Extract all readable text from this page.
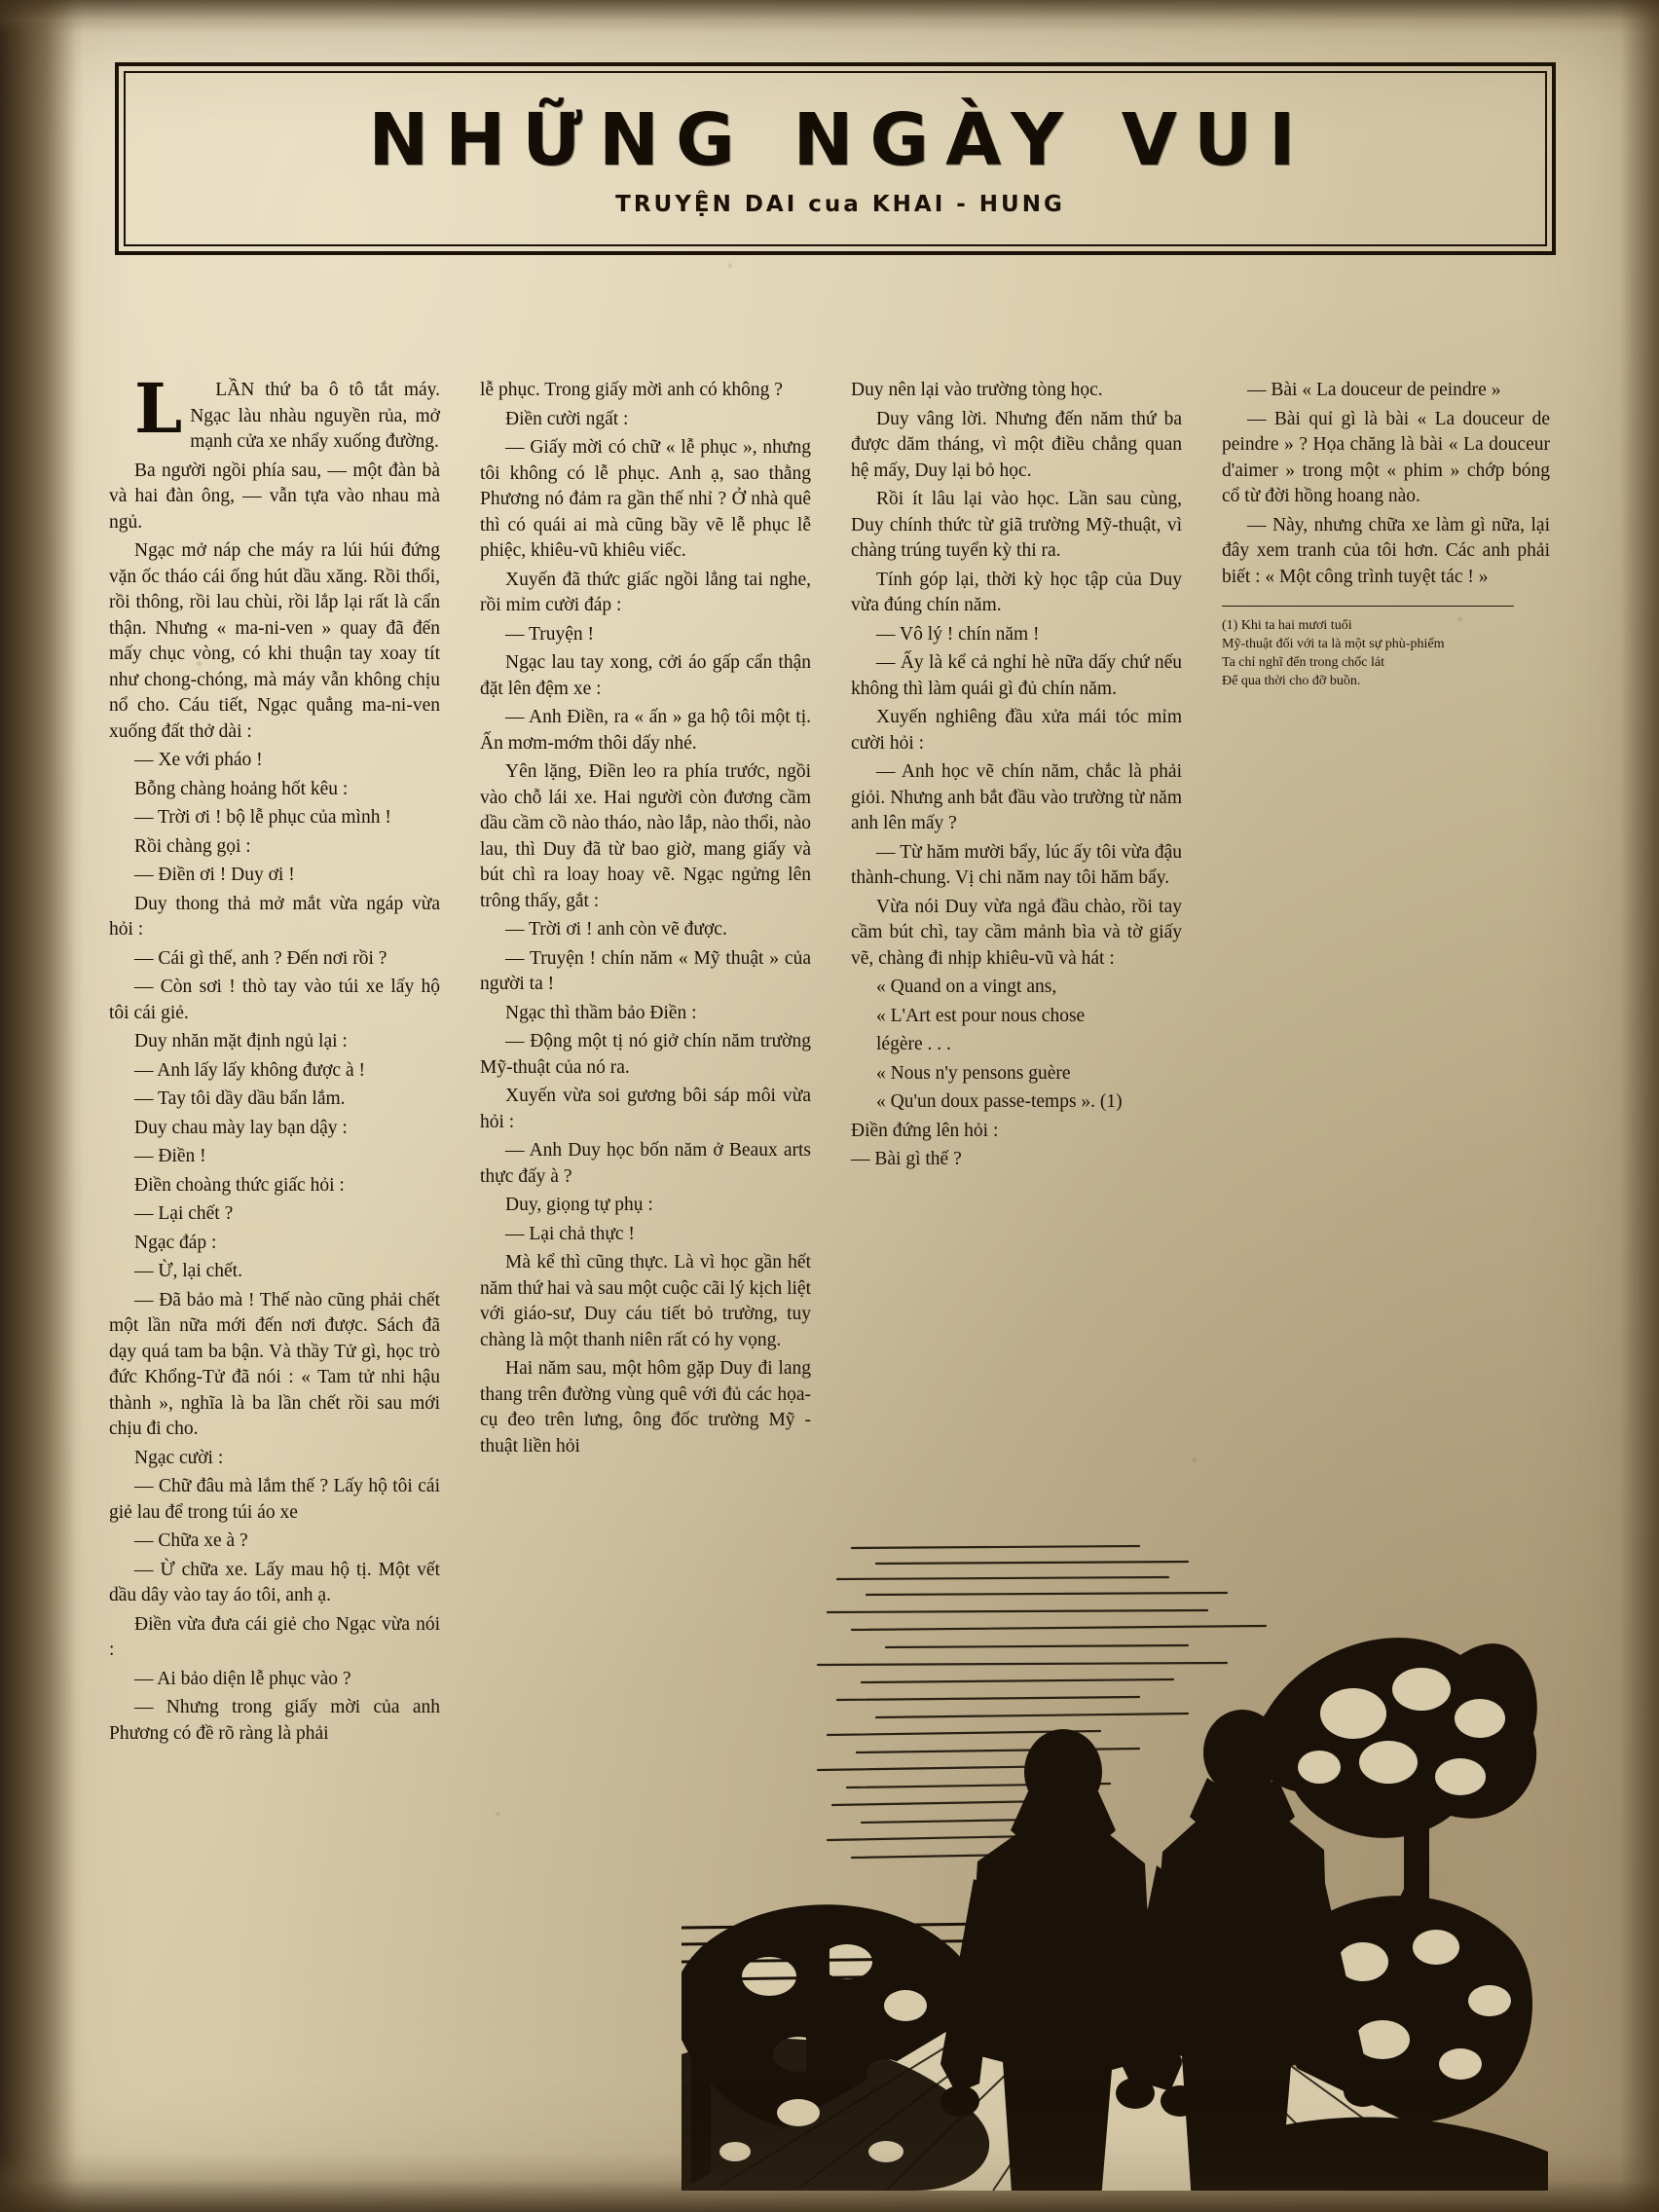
NHỮNG NGÀY VUI
TRUYỆN DAI cua KHAI - HUNG

L	LẦN thứ ba ô tô tắt máy. Ngạc làu nhàu nguyền rủa, mở mạnh cửa xe nhẩy xuống đường.

Ba người ngồi phía sau, — một đàn bà và hai đàn ông, — vẫn tựa vào nhau mà ngủ.

Ngạc mở náp che máy ra lúi húi đứng vặn ốc tháo cái ống hút dầu xăng. Rồi thổi, rồi thông, rồi lau chùi, rồi lắp lại rất là cẩn thận. Nhưng « ma-ni-ven » quay đã đến mấy chục vòng, có khi thuận tay xoay tít như chong-chóng, mà máy vẫn không chịu nổ cho. Cáu tiết, Ngạc quẳng ma-ni-ven xuống đất thở dài :

— Xe với pháo !

Bỗng chàng hoảng hốt kêu :

— Trời ơi ! bộ lễ phục của mình !

Rồi chàng gọi :

— Điền ơi ! Duy ơi !

Duy thong thả mở mắt vừa ngáp vừa hỏi :

— Cái gì thế, anh ? Đến nơi rồi ?

— Còn sơi ! thò tay vào túi xe lấy hộ tôi cái giẻ.

Duy nhăn mặt định ngủ lại :

— Anh lấy lấy không được à !

— Tay tôi dầy dầu bẩn lắm.

Duy chau mày lay bạn dậy :

— Điền !

Điền choàng thức giấc hỏi :

— Lại chết ?

Ngạc đáp :

— Ừ, lại chết.

— Đã bảo mà ! Thế nào cũng phải chết một lần nữa mới đến nơi được. Sách đã dạy quá tam ba bận. Và thầy Tử gì, học trò đức Khổng-Tử đã nói : « Tam tử nhi hậu thành », nghĩa là ba lần chết rồi sau mới chịu đi cho.

Ngạc cười :

— Chữ đâu mà lắm thế ? Lấy hộ tôi cái giẻ lau để trong túi áo xe

— Chữa xe à ?

— Ừ chữa xe. Lấy mau hộ tị. Một vết dầu dây vào tay áo tôi, anh ạ.

Điền vừa đưa cái giẻ cho Ngạc vừa nói :

— Ai bảo diện lễ phục vào ?

— Nhưng trong giấy mời của anh Phương có đề rõ ràng là phải

lễ phục. Trong giấy mời anh có không ?

Điền cười ngất :

— Giấy mời có chữ « lễ phục », nhưng tôi không có lễ phục. Anh ạ, sao thằng Phương nó đảm ra gần thế nhỉ ? Ở nhà quê thì có quái ai mà cũng bầy vẽ lễ phục lễ phiệc, khiêu-vũ khiêu viếc.

Xuyến đã thức giấc ngồi lẳng tai nghe, rồi mỉm cười đáp :

— Truyện !

Ngạc lau tay xong, cởi áo gấp cẩn thận đặt lên đệm xe :

— Anh Điền, ra « ấn » ga hộ tôi một tị. Ấn mơm-mớm thôi dấy nhé.

Yên lặng, Điền leo ra phía trước, ngồi vào chỗ lái xe. Hai người còn đương cầm dầu cầm cồ nào tháo, nào lắp, nào thổi, nào lau, thì Duy đã từ bao giờ, mang giấy và bút chì ra loay hoay vẽ. Ngạc ngửng lên trông thấy, gắt :

— Trời ơi ! anh còn vẽ được.

— Truyện ! chín năm « Mỹ thuật » của người ta !

Ngạc thì thầm bảo Điền :

— Động một tị nó giở chín năm trường Mỹ-thuật của nó ra.

Xuyến vừa soi gương bôi sáp môi vừa hỏi :

— Anh Duy học bốn năm ở Beaux arts thực đấy à ?

Duy, giọng tự phụ :

— Lại chả thực !

Mà kể thì cũng thực. Là vì học gần hết năm thứ hai và sau một cuộc cãi lý kịch liệt với giáo-sư, Duy cáu tiết bỏ trường, tuy chàng là một thanh niên rất có hy vọng.

Hai năm sau, một hôm gặp Duy đi lang thang trên đường vùng quê với đủ các họa-cụ đeo trên lưng, ông đốc trường Mỹ - thuật liền hỏi

Duy nên lại vào trường tòng học.

Duy vâng lời. Nhưng đến năm thứ ba được dăm tháng, vì một điều chẳng quan hệ mấy, Duy lại bỏ học.

Rồi ít lâu lại vào học. Lần sau cùng, Duy chính thức từ giã trường Mỹ-thuật, vì chàng trúng tuyển kỳ thi ra.

Tính góp lại, thời kỳ học tập của Duy vừa đúng chín năm.

— Vô lý ! chín năm !

— Ấy là kể cả nghỉ hè nữa dấy chứ nếu không thì làm quái gì đủ chín năm.

Xuyến nghiêng đầu xửa mái tóc mỉm cười hỏi :

— Anh học vẽ chín năm, chắc là phải giỏi. Nhưng anh bắt đầu vào trường từ năm anh lên mấy ?

— Từ hăm mười bẩy, lúc ấy tôi vừa đậu thành-chung. Vị chi năm nay tôi hăm bẩy.

Vừa nói Duy vừa ngả đầu chào, rồi tay cầm bút chì, tay cầm mảnh bìa và tờ giấy vẽ, chàng đi nhịp khiêu-vũ và hát :

« Quand on a vingt ans,

« L'Art est pour nous chose

légère . . .

« Nous n'y pensons guère

« Qu'un doux passe-temps ». (1)

Điền đứng lên hỏi :

— Bài gì thế ?

— Bài « La douceur de peindre »

— Bài quỉ gì là bài « La douceur de peindre » ? Họa chăng là bài « La douceur d'aimer » trong một « phim » chớp bóng cổ từ đời hồng hoang nào.

— Này, nhưng chữa xe làm gì nữa, lại đây xem tranh của tôi hơn. Các anh phải biết : « Một công trình tuyệt tác ! »

(1) Khi ta hai mươi tuổi

Mỹ-thuật đối với ta là một sự phù-phiếm

Ta chỉ nghĩ đến trong chốc lát

Để qua thời cho đỡ buồn.
